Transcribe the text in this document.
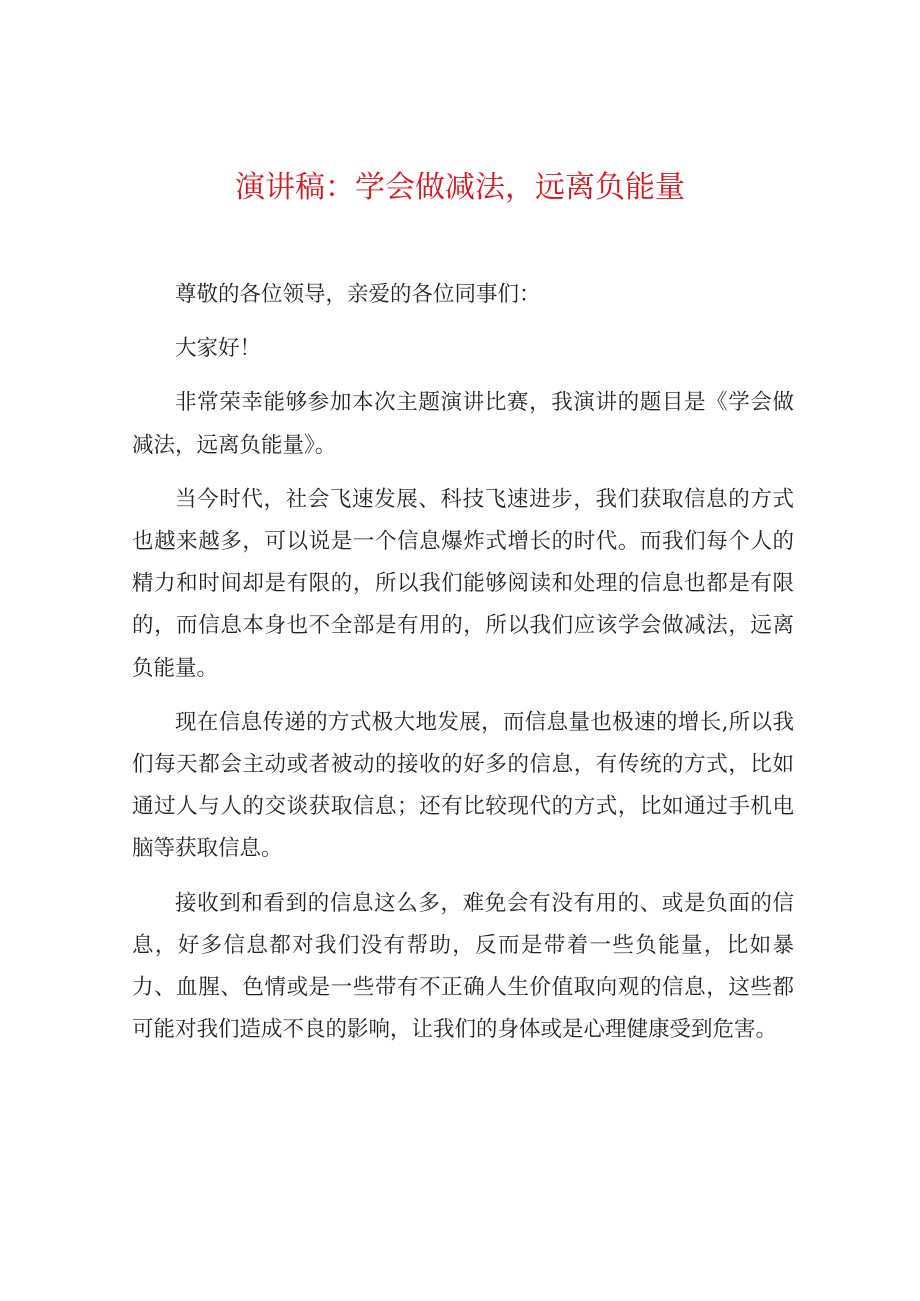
演讲稿：学会做减法，远离负能量

尊敬的各位领导，亲爱的各位同事们：

大家好！

非常荣幸能够参加本次主题演讲比赛，我演讲的题目是《学会做减法，远离负能量》。

当今时代，社会飞速发展、科技飞速进步，我们获取信息的方式也越来越多，可以说是一个信息爆炸式增长的时代。而我们每个人的精力和时间却是有限的，所以我们能够阅读和处理的信息也都是有限的，而信息本身也不全部是有用的，所以我们应该学会做减法，远离负能量。

现在信息传递的方式极大地发展，而信息量也极速的增长,所以我们每天都会主动或者被动的接收的好多的信息，有传统的方式，比如通过人与人的交谈获取信息；还有比较现代的方式，比如通过手机电脑等获取信息。

接收到和看到的信息这么多，难免会有没有用的、或是负面的信息，好多信息都对我们没有帮助，反而是带着一些负能量，比如暴力、血腥、色情或是一些带有不正确人生价值取向观的信息，这些都可能对我们造成不良的影响，让我们的身体或是心理健康受到危害。
